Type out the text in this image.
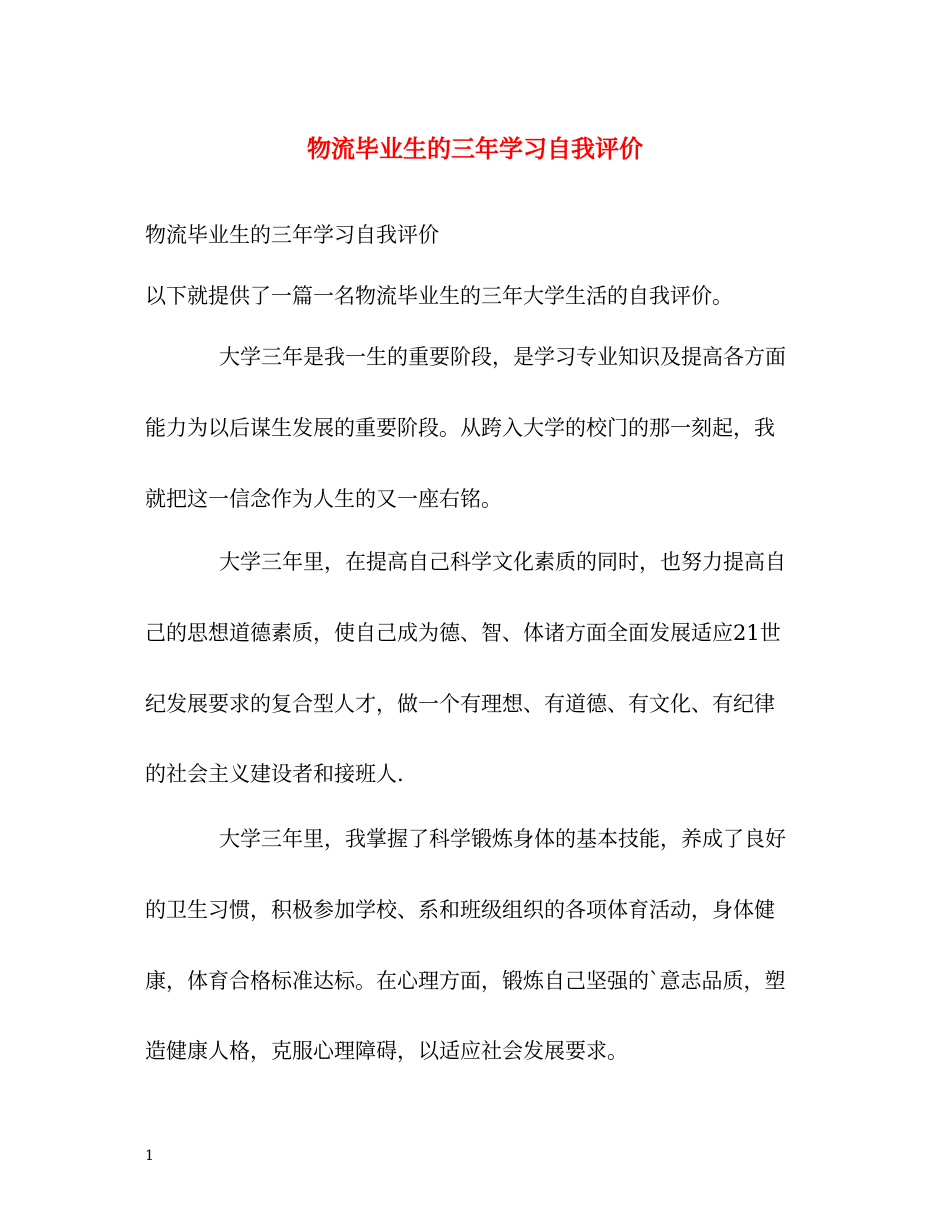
物流毕业生的三年学习自我评价
物流毕业生的三年学习自我评价
以下就提供了一篇一名物流毕业生的三年大学生活的自我评价。
大学三年是我一生的重要阶段，是学习专业知识及提高各方面
能力为以后谋生发展的重要阶段。从跨入大学的校门的那一刻起，我
就把这一信念作为人生的又一座右铭。
大学三年里，在提高自己科学文化素质的同时，也努力提高自
己的思想道德素质，使自己成为德、智、体诸方面全面发展适应21世
纪发展要求的复合型人才，做一个有理想、有道德、有文化、有纪律
的社会主义建设者和接班人.
大学三年里，我掌握了科学锻炼身体的基本技能，养成了良好
的卫生习惯，积极参加学校、系和班级组织的各项体育活动，身体健
康，体育合格标准达标。在心理方面，锻炼自己坚强的`意志品质，塑
造健康人格，克服心理障碍，以适应社会发展要求。
1
